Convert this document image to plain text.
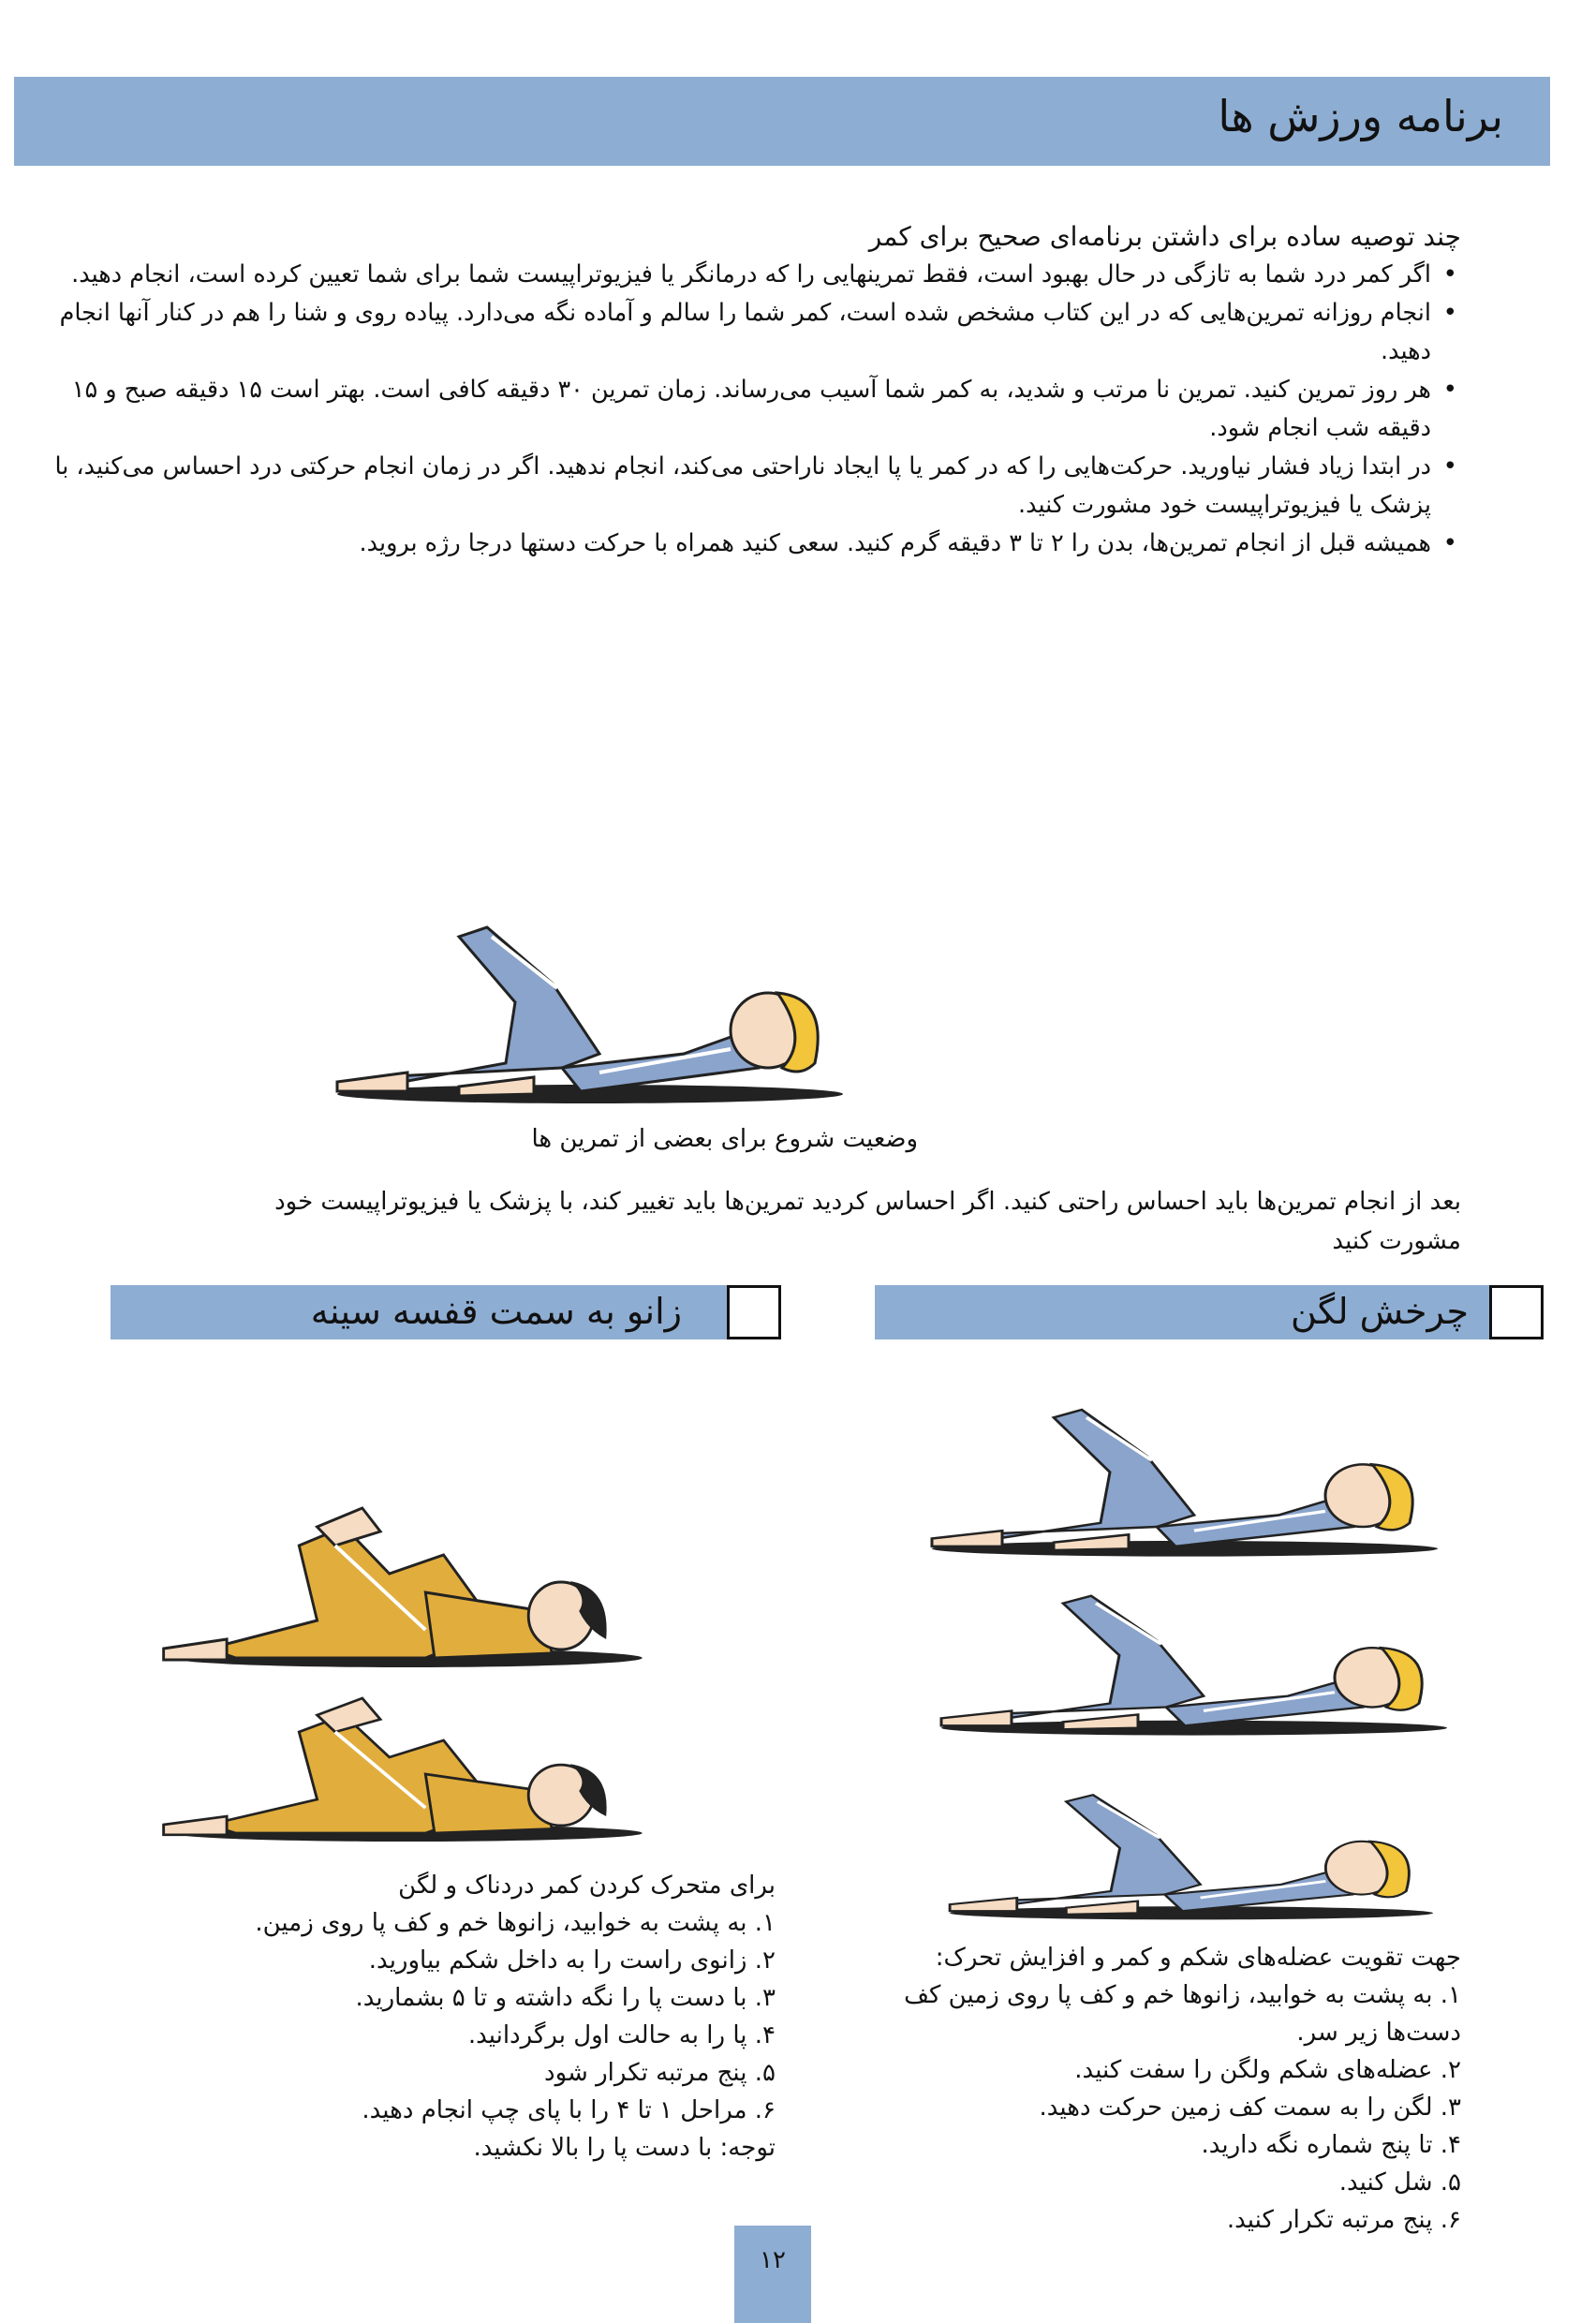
برنامه ورزش ها
چند توصیه ساده برای داشتن برنامه‌ای صحیح برای کمر
• اگر کمر درد شما به تازگی در حال بهبود است، فقط تمرینهایی را که درمانگر یا فیزیوتراپیست شما برای شما تعیین کرده است، انجام دهید.
• انجام روزانه تمرین‌هایی که در این کتاب مشخص شده است، کمر شما را سالم و آماده نگه می‌دارد. پیاده روی و شنا را هم در کنار آنها انجام دهید.
• هر روز تمرین کنید. تمرین نا مرتب و شدید، به کمر شما آسیب می‌رساند. زمان تمرین ۳۰ دقیقه کافی است. بهتر است ۱۵ دقیقه صبح و ۱۵ دقیقه شب انجام شود.
• در ابتدا زیاد فشار نیاورید. حرکت‌هایی را که در کمر یا پا ایجاد ناراحتی می‌کند، انجام ندهید. اگر در زمان انجام حرکتی درد احساس می‌کنید، با پزشک یا فیزیوتراپیست خود مشورت کنید.
• همیشه قبل از انجام تمرین‌ها، بدن را ۲ تا ۳ دقیقه گرم کنید. سعی کنید همراه با حرکت دستها درجا رژه بروید.
وضعیت شروع برای بعضی از تمرین ها
بعد از انجام تمرین‌ها باید احساس راحتی کنید. اگر احساس کردید تمرین‌ها باید تغییر کند، با پزشک یا فیزیوتراپیست خود مشورت کنید
چرخش لگن
زانو به سمت قفسه سینه
جهت تقویت عضله‌های شکم و کمر و افزایش تحرک:
۱. به پشت به خوابید، زانوها خم و کف پا روی زمین کف دست‌ها زیر سر.
۲. عضله‌های شکم ولگن را سفت کنید.
۳. لگن را به سمت کف زمین حرکت دهید.
۴. تا پنج شماره نگه دارید.
۵. شل کنید.
۶. پنج مرتبه تکرار کنید.
برای متحرک کردن کمر دردناک و لگن
۱. به پشت به خوابید، زانوها خم و کف پا روی زمین.
۲. زانوی راست را به داخل شکم بیاورید.
۳. با دست پا را نگه داشته و تا ۵ بشمارید.
۴. پا را به حالت اول برگردانید.
۵. پنج مرتبه تکرار شود
۶. مراحل ۱ تا ۴ را با پای چپ انجام دهید.
توجه: با دست پا را بالا نکشید.
۱۲
